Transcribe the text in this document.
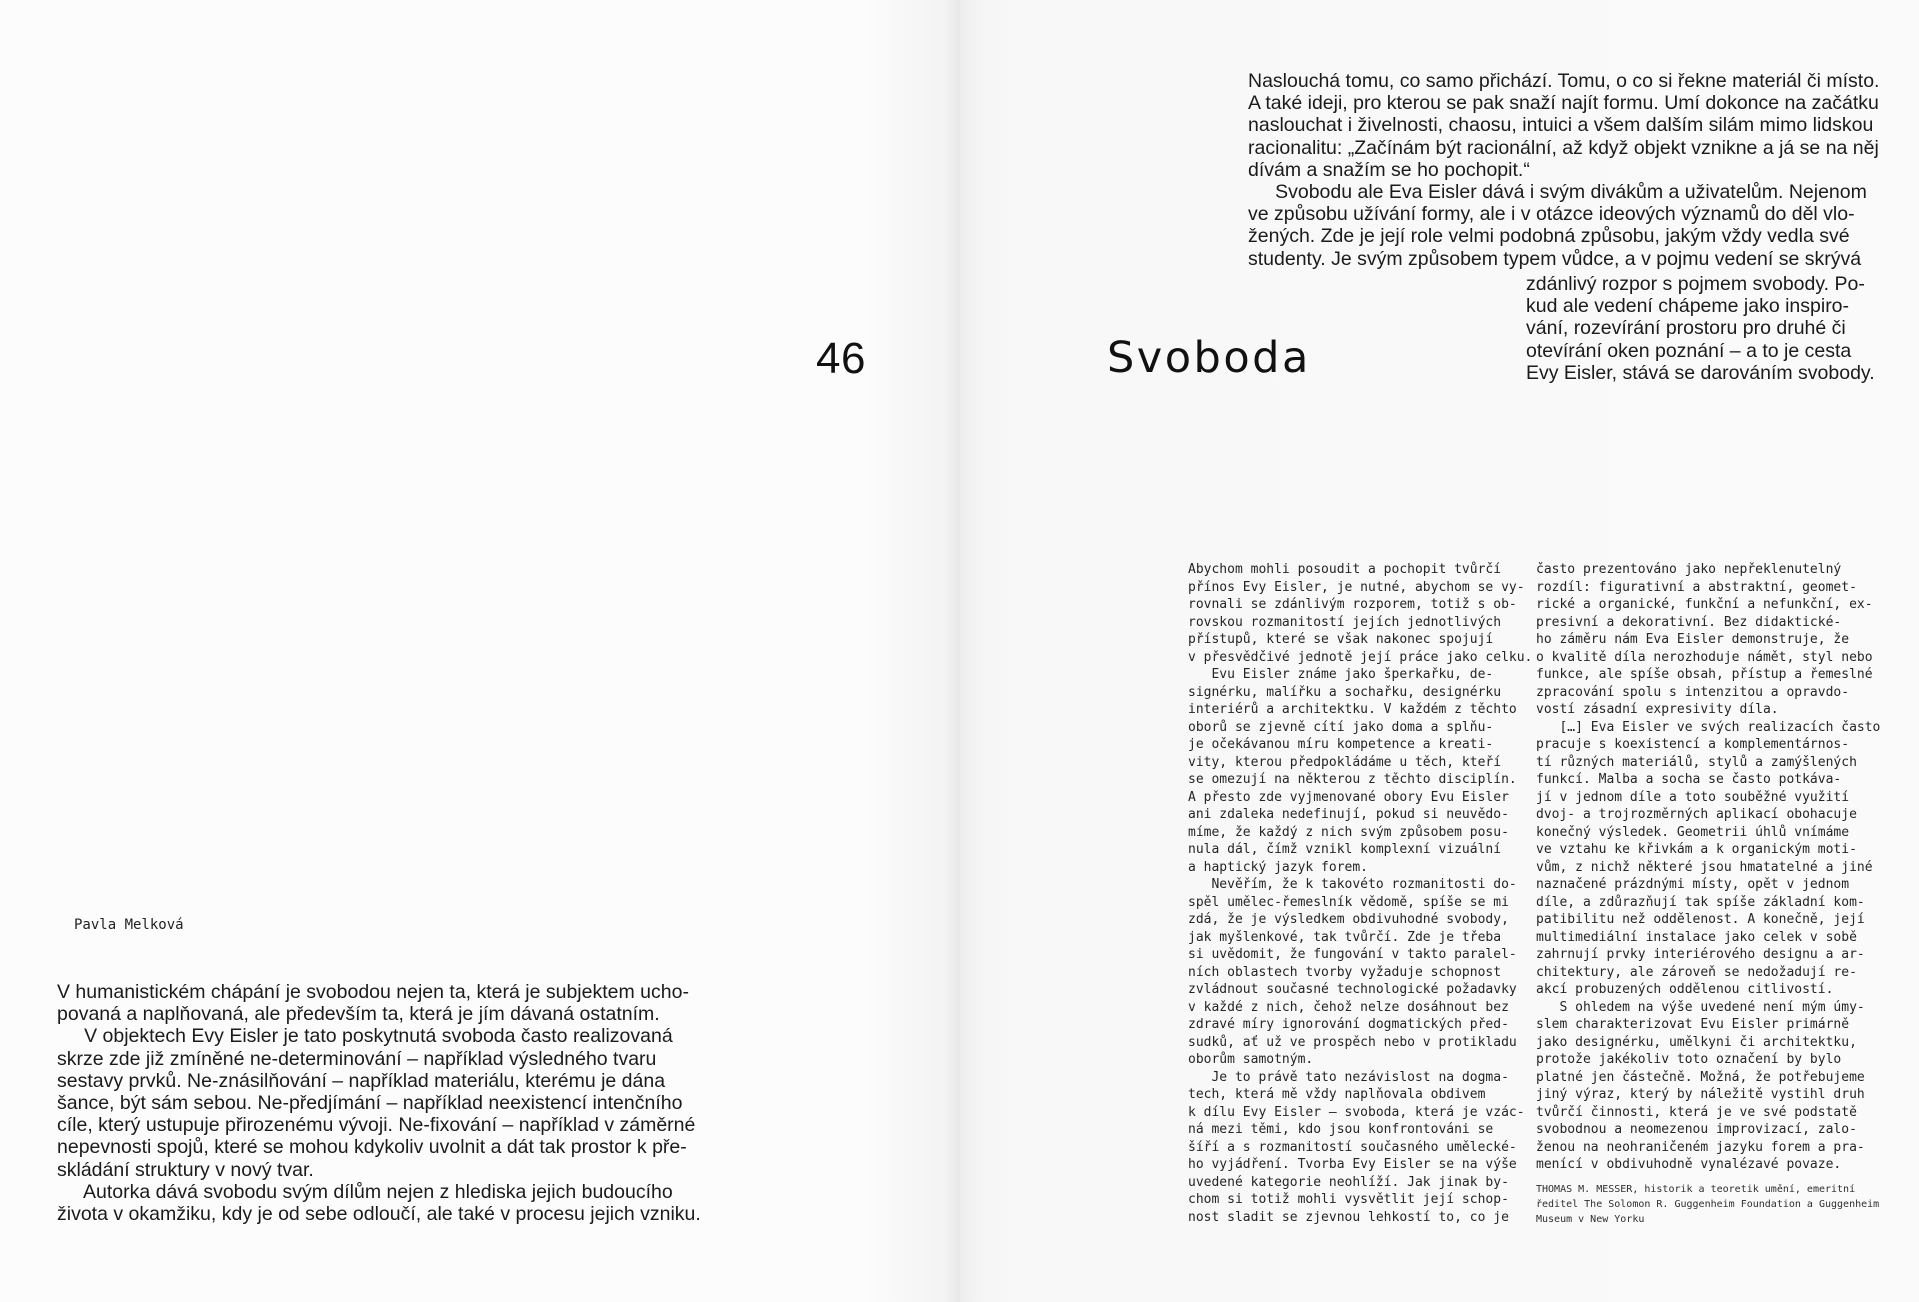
46	Svoboda
Pavla Melková
V humanistickém chápání je svobodou nejen ta, která je subjektem ucho-
povaná a naplňovaná, ale především ta, která je jím dávaná ostatním.
V objektech Evy Eisler je tato poskytnutá svoboda často realizovaná
skrze zde již zmíněné ne-determinování – například výsledného tvaru
sestavy prvků. Ne-znásilňování – například materiálu, kterému je dána
šance, být sám sebou. Ne-předjímání – například neexistencí intenčního
cíle, který ustupuje přirozenému vývoji. Ne-fixování – například v záměrné
nepevnosti spojů, které se mohou kdykoliv uvolnit a dát tak prostor k pře-
skládání struktury v nový tvar.
Autorka dává svobodu svým dílům nejen z hlediska jejich budoucího
života v okamžiku, kdy je od sebe odloučí, ale také v procesu jejich vzniku.
Naslouchá tomu, co samo přichází. Tomu, o co si řekne materiál či místo.
A také ideji, pro kterou se pak snaží najít formu. Umí dokonce na začátku
naslouchat i živelnosti, chaosu, intuici a všem dalším silám mimo lidskou
racionalitu: „Začínám být racionální, až když objekt vznikne a já se na něj
dívám a snažím se ho pochopit.“
Svobodu ale Eva Eisler dává i svým divákům a uživatelům. Nejenom
ve způsobu užívání formy, ale i v otázce ideových významů do děl vlo-
žených. Zde je její role velmi podobná způsobu, jakým vždy vedla své
studenty. Je svým způsobem typem vůdce, a v pojmu vedení se skrývá
zdánlivý rozpor s pojmem svobody. Po-
kud ale vedení chápeme jako inspiro-
vání, rozevírání prostoru pro druhé či
otevírání oken poznání – a to je cesta
Evy Eisler, stává se darováním svobody.
Abychom mohli posoudit a pochopit tvůrčí
přínos Evy Eisler, je nutné, abychom se vy-
rovnali se zdánlivým rozporem, totiž s ob-
rovskou rozmanitostí jejích jednotlivých
přístupů, které se však nakonec spojují
v přesvědčivé jednotě její práce jako celku.
Evu Eisler známe jako šperkařku, de-
signérku, malířku a sochařku, designérku
interiérů a architektku. V každém z těchto
oborů se zjevně cítí jako doma a splňu-
je očekávanou míru kompetence a kreati-
vity, kterou předpokládáme u těch, kteří
se omezují na některou z těchto disciplín.
A přesto zde vyjmenované obory Evu Eisler
ani zdaleka nedefinují, pokud si neuvědo-
míme, že každý z nich svým způsobem posu-
nula dál, čímž vznikl komplexní vizuální
a haptický jazyk forem.
Nevěřím, že k takovéto rozmanitosti do-
spěl umělec-řemeslník vědomě, spíše se mi
zdá, že je výsledkem obdivuhodné svobody,
jak myšlenkové, tak tvůrčí. Zde je třeba
si uvědomit, že fungování v takto paralel-
ních oblastech tvorby vyžaduje schopnost
zvládnout současné technologické požadavky
v každé z nich, čehož nelze dosáhnout bez
zdravé míry ignorování dogmatických před-
sudků, ať už ve prospěch nebo v protikladu
oborům samotným.
Je to právě tato nezávislost na dogma-
tech, která mě vždy naplňovala obdivem
k dílu Evy Eisler – svoboda, která je vzác-
ná mezi těmi, kdo jsou konfrontováni se
šíří a s rozmanitostí současného umělecké-
ho vyjádření. Tvorba Evy Eisler se na výše
uvedené kategorie neohlíží. Jak jinak by-
chom si totiž mohli vysvětlit její schop-
nost sladit se zjevnou lehkostí to, co je
často prezentováno jako nepřeklenutelný
rozdíl: figurativní a abstraktní, geomet-
rické a organické, funkční a nefunkční, ex-
presivní a dekorativní. Bez didaktické-
ho záměru nám Eva Eisler demonstruje, že
o kvalitě díla nerozhoduje námět, styl nebo
funkce, ale spíše obsah, přístup a řemeslné
zpracování spolu s intenzitou a opravdo-
vostí zásadní expresivity díla.
[…] Eva Eisler ve svých realizacích často
pracuje s koexistencí a komplementárnos-
tí různých materiálů, stylů a zamýšlených
funkcí. Malba a socha se často potkáva-
jí v jednom díle a toto souběžné využití
dvoj- a trojrozměrných aplikací obohacuje
konečný výsledek. Geometrii úhlů vnímáme
ve vztahu ke křivkám a k organickým moti-
vům, z nichž některé jsou hmatatelné a jiné
naznačené prázdnými místy, opět v jednom
díle, a zdůrazňují tak spíše základní kom-
patibilitu než oddělenost. A konečně, její
multimediální instalace jako celek v sobě
zahrnují prvky interiérového designu a ar-
chitektury, ale zároveň se nedožadují re-
akcí probuzených oddělenou citlivostí.
S ohledem na výše uvedené není mým úmy-
slem charakterizovat Evu Eisler primárně
jako designérku, umělkyni či architektku,
protože jakékoliv toto označení by bylo
platné jen částečně. Možná, že potřebujeme
jiný výraz, který by náležitě vystihl druh
tvůrčí činnosti, která je ve své podstatě
svobodnou a neomezenou improvizací, zalo-
ženou na neohraničeném jazyku forem a pra-
menící v obdivuhodně vynalézavé povaze.
THOMAS M. MESSER, historik a teoretik umění, emeritní
ředitel The Solomon R. Guggenheim Foundation a Guggenheim
Museum v New Yorku
